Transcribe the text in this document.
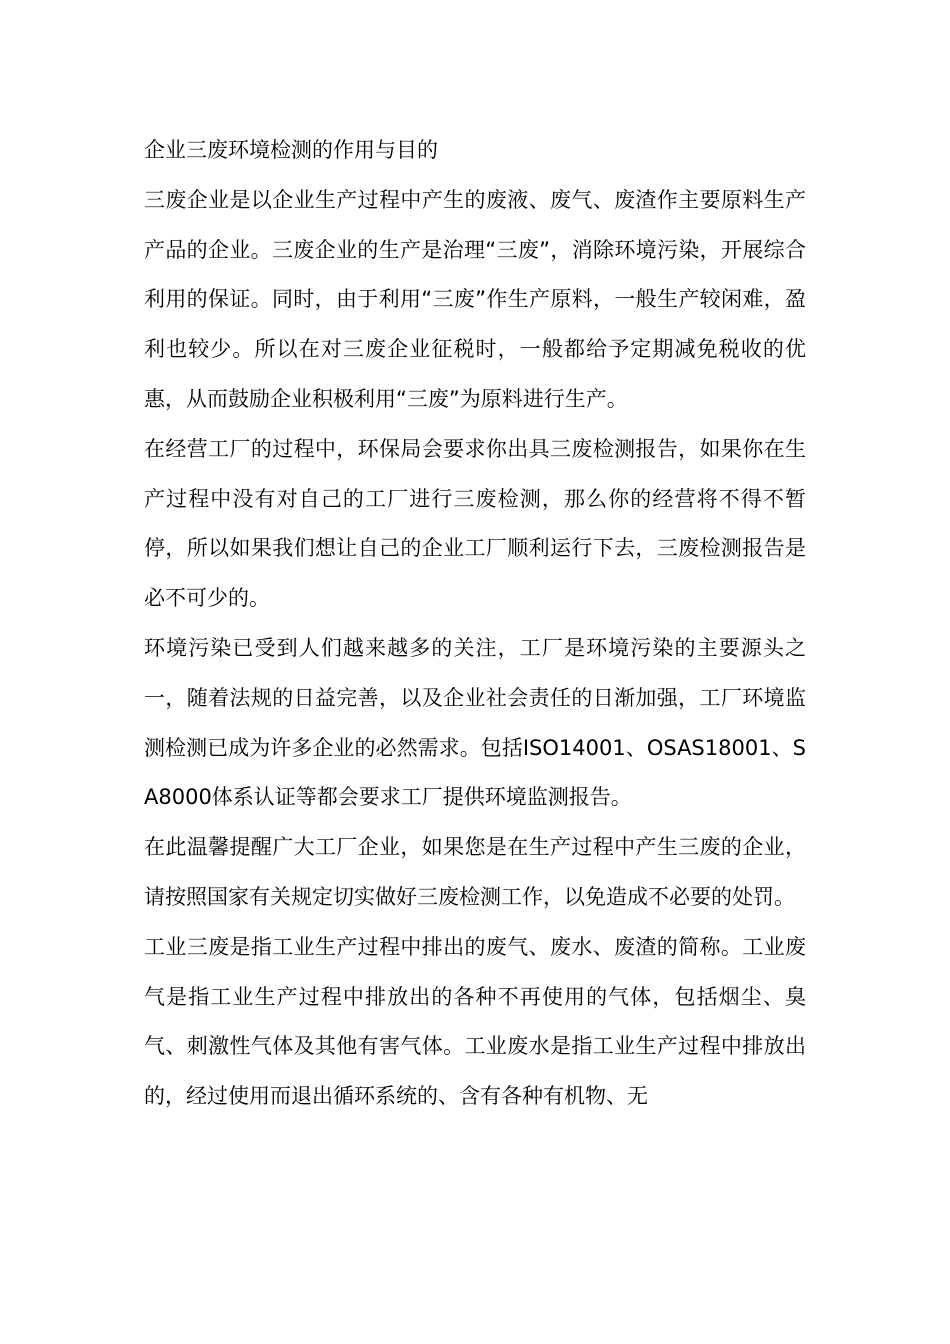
企业三废环境检测的作用与目的

三废企业是以企业生产过程中产生的废液、废气、废渣作主要原料生产产品的企业。三废企业的生产是治理“三废”，消除环境污染，开展综合利用的保证。同时，由于利用“三废”作生产原料，一般生产较闲难，盈利也较少。所以在对三废企业征税时，一般都给予定期减免税收的优惠，从而鼓励企业积极利用“三废”为原料进行生产。

在经营工厂的过程中，环保局会要求你出具三废检测报告，如果你在生产过程中没有对自己的工厂进行三废检测，那么你的经营将不得不暂停，所以如果我们想让自己的企业工厂顺利运行下去，三废检测报告是必不可少的。

环境污染已受到人们越来越多的关注，工厂是环境污染的主要源头之一，随着法规的日益完善，以及企业社会责任的日渐加强，工厂环境监测检测已成为许多企业的必然需求。包括ISO14001、OSAS18001、SA8000体系认证等都会要求工厂提供环境监测报告。

在此温馨提醒广大工厂企业，如果您是在生产过程中产生三废的企业，请按照国家有关规定切实做好三废检测工作，以免造成不必要的处罚。

工业三废是指工业生产过程中排出的废气、废水、废渣的简称。工业废气是指工业生产过程中排放出的各种不再使用的气体，包括烟尘、臭气、刺激性气体及其他有害气体。工业废水是指工业生产过程中排放出的，经过使用而退出循环系统的、含有各种有机物、无
